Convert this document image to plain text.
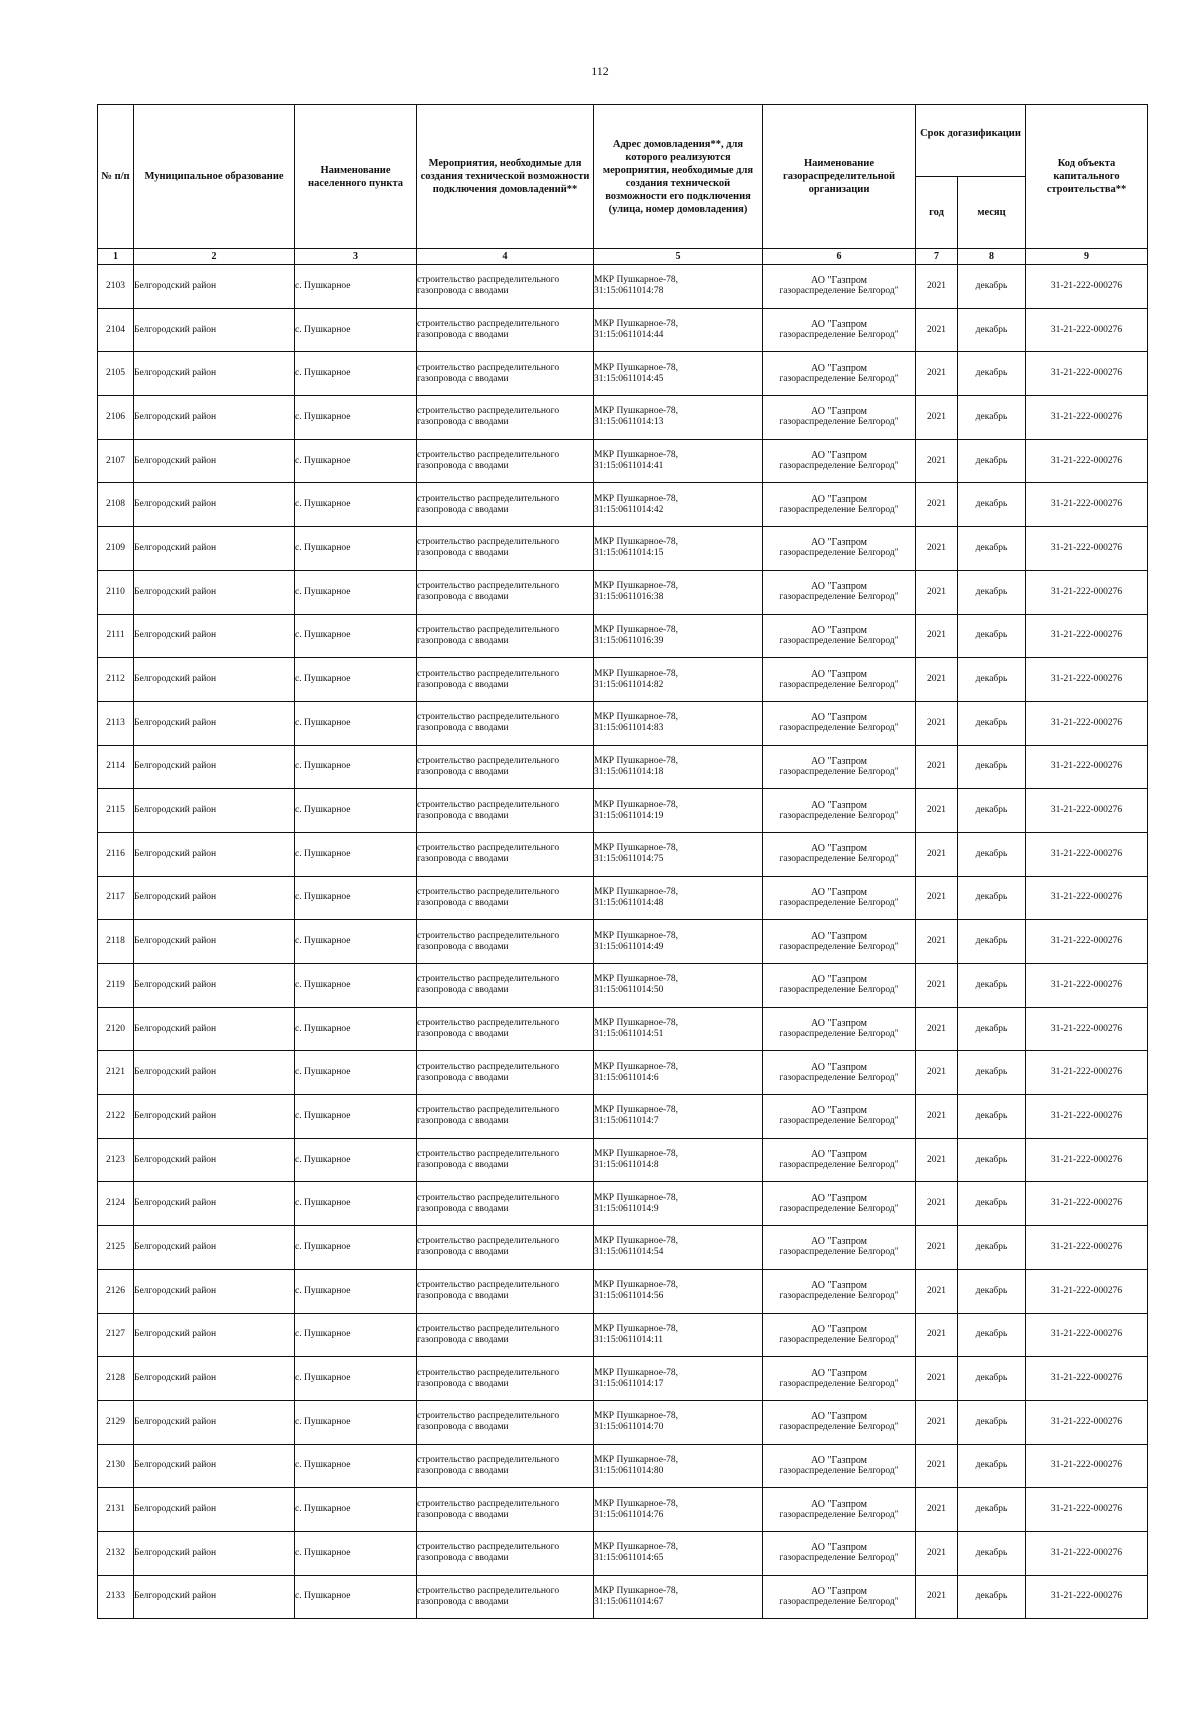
112
№ п/п	Муниципальное образование	Наименование населенного пункта	Мероприятия, необходимые для создания технической возможности подключения домовладений**	Адрес домовладения**, для которого реализуются мероприятия, необходимые для создания технической возможности его подключения (улица, номер домовладения)	Наименование газораспределительной организации	Срок догазификации		Код объекта капитального строительства**
						год	месяц	
1	2	3	4	5	6	7	8	9
2103	Белгородский район	с. Пушкарное	строительство распределительного газопровода с вводами	МКР Пушкарное-78,
31:15:0611014:78	АО "Газпром
газораспределение Белгород"	2021	декабрь	31-21-222-000276
2104	Белгородский район	с. Пушкарное	строительство распределительного газопровода с вводами	МКР Пушкарное-78,
31:15:0611014:44	АО "Газпром
газораспределение Белгород"	2021	декабрь	31-21-222-000276
2105	Белгородский район	с. Пушкарное	строительство распределительного газопровода с вводами	МКР Пушкарное-78,
31:15:0611014:45	АО "Газпром
газораспределение Белгород"	2021	декабрь	31-21-222-000276
2106	Белгородский район	с. Пушкарное	строительство распределительного газопровода с вводами	МКР Пушкарное-78,
31:15:0611014:13	АО "Газпром
газораспределение Белгород"	2021	декабрь	31-21-222-000276
2107	Белгородский район	с. Пушкарное	строительство распределительного газопровода с вводами	МКР Пушкарное-78,
31:15:0611014:41	АО "Газпром
газораспределение Белгород"	2021	декабрь	31-21-222-000276
2108	Белгородский район	с. Пушкарное	строительство распределительного газопровода с вводами	МКР Пушкарное-78,
31:15:0611014:42	АО "Газпром
газораспределение Белгород"	2021	декабрь	31-21-222-000276
2109	Белгородский район	с. Пушкарное	строительство распределительного газопровода с вводами	МКР Пушкарное-78,
31:15:0611014:15	АО "Газпром
газораспределение Белгород"	2021	декабрь	31-21-222-000276
2110	Белгородский район	с. Пушкарное	строительство распределительного газопровода с вводами	МКР Пушкарное-78,
31:15:0611016:38	АО "Газпром
газораспределение Белгород"	2021	декабрь	31-21-222-000276
2111	Белгородский район	с. Пушкарное	строительство распределительного газопровода с вводами	МКР Пушкарное-78,
31:15:0611016:39	АО "Газпром
газораспределение Белгород"	2021	декабрь	31-21-222-000276
2112	Белгородский район	с. Пушкарное	строительство распределительного газопровода с вводами	МКР Пушкарное-78,
31:15:0611014:82	АО "Газпром
газораспределение Белгород"	2021	декабрь	31-21-222-000276
2113	Белгородский район	с. Пушкарное	строительство распределительного газопровода с вводами	МКР Пушкарное-78,
31:15:0611014:83	АО "Газпром
газораспределение Белгород"	2021	декабрь	31-21-222-000276
2114	Белгородский район	с. Пушкарное	строительство распределительного газопровода с вводами	МКР Пушкарное-78,
31:15:0611014:18	АО "Газпром
газораспределение Белгород"	2021	декабрь	31-21-222-000276
2115	Белгородский район	с. Пушкарное	строительство распределительного газопровода с вводами	МКР Пушкарное-78,
31:15:0611014:19	АО "Газпром
газораспределение Белгород"	2021	декабрь	31-21-222-000276
2116	Белгородский район	с. Пушкарное	строительство распределительного газопровода с вводами	МКР Пушкарное-78,
31:15:0611014:75	АО "Газпром
газораспределение Белгород"	2021	декабрь	31-21-222-000276
2117	Белгородский район	с. Пушкарное	строительство распределительного газопровода с вводами	МКР Пушкарное-78,
31:15:0611014:48	АО "Газпром
газораспределение Белгород"	2021	декабрь	31-21-222-000276
2118	Белгородский район	с. Пушкарное	строительство распределительного газопровода с вводами	МКР Пушкарное-78,
31:15:0611014:49	АО "Газпром
газораспределение Белгород"	2021	декабрь	31-21-222-000276
2119	Белгородский район	с. Пушкарное	строительство распределительного газопровода с вводами	МКР Пушкарное-78,
31:15:0611014:50	АО "Газпром
газораспределение Белгород"	2021	декабрь	31-21-222-000276
2120	Белгородский район	с. Пушкарное	строительство распределительного газопровода с вводами	МКР Пушкарное-78,
31:15:0611014:51	АО "Газпром
газораспределение Белгород"	2021	декабрь	31-21-222-000276
2121	Белгородский район	с. Пушкарное	строительство распределительного газопровода с вводами	МКР Пушкарное-78,
31:15:0611014:6	АО "Газпром
газораспределение Белгород"	2021	декабрь	31-21-222-000276
2122	Белгородский район	с. Пушкарное	строительство распределительного газопровода с вводами	МКР Пушкарное-78,
31:15:0611014:7	АО "Газпром
газораспределение Белгород"	2021	декабрь	31-21-222-000276
2123	Белгородский район	с. Пушкарное	строительство распределительного газопровода с вводами	МКР Пушкарное-78,
31:15:0611014:8	АО "Газпром
газораспределение Белгород"	2021	декабрь	31-21-222-000276
2124	Белгородский район	с. Пушкарное	строительство распределительного газопровода с вводами	МКР Пушкарное-78,
31:15:0611014:9	АО "Газпром
газораспределение Белгород"	2021	декабрь	31-21-222-000276
2125	Белгородский район	с. Пушкарное	строительство распределительного газопровода с вводами	МКР Пушкарное-78,
31:15:0611014:54	АО "Газпром
газораспределение Белгород"	2021	декабрь	31-21-222-000276
2126	Белгородский район	с. Пушкарное	строительство распределительного газопровода с вводами	МКР Пушкарное-78,
31:15:0611014:56	АО "Газпром
газораспределение Белгород"	2021	декабрь	31-21-222-000276
2127	Белгородский район	с. Пушкарное	строительство распределительного газопровода с вводами	МКР Пушкарное-78,
31:15:0611014:11	АО "Газпром
газораспределение Белгород"	2021	декабрь	31-21-222-000276
2128	Белгородский район	с. Пушкарное	строительство распределительного газопровода с вводами	МКР Пушкарное-78,
31:15:0611014:17	АО "Газпром
газораспределение Белгород"	2021	декабрь	31-21-222-000276
2129	Белгородский район	с. Пушкарное	строительство распределительного газопровода с вводами	МКР Пушкарное-78,
31:15:0611014:70	АО "Газпром
газораспределение Белгород"	2021	декабрь	31-21-222-000276
2130	Белгородский район	с. Пушкарное	строительство распределительного газопровода с вводами	МКР Пушкарное-78,
31:15:0611014:80	АО "Газпром
газораспределение Белгород"	2021	декабрь	31-21-222-000276
2131	Белгородский район	с. Пушкарное	строительство распределительного газопровода с вводами	МКР Пушкарное-78,
31:15:0611014:76	АО "Газпром
газораспределение Белгород"	2021	декабрь	31-21-222-000276
2132	Белгородский район	с. Пушкарное	строительство распределительного газопровода с вводами	МКР Пушкарное-78,
31:15:0611014:65	АО "Газпром
газораспределение Белгород"	2021	декабрь	31-21-222-000276
2133	Белгородский район	с. Пушкарное	строительство распределительного газопровода с вводами	МКР Пушкарное-78,
31:15:0611014:67	АО "Газпром
газораспределение Белгород"	2021	декабрь	31-21-222-000276
